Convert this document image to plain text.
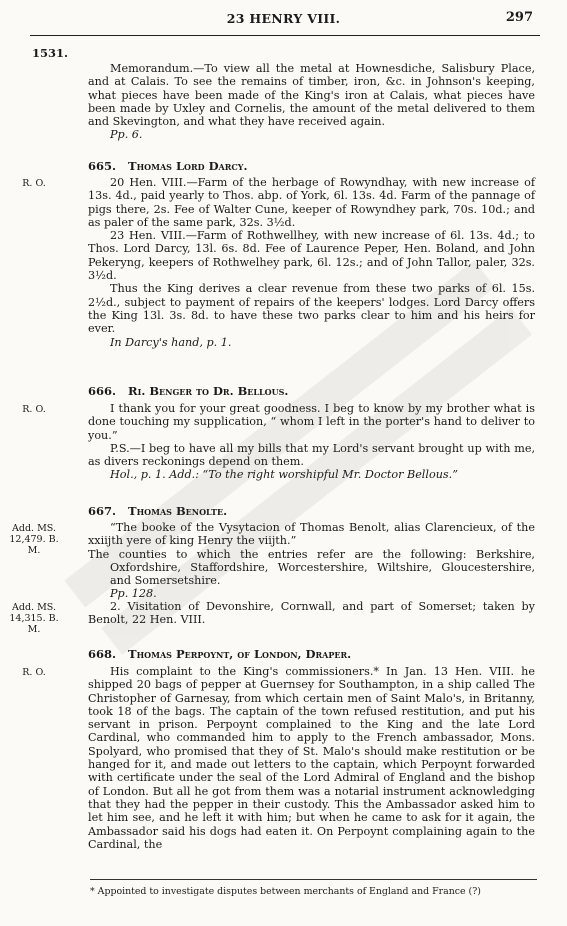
23 HENRY VIII.	297
1531.

Memorandum.—To view all the metal at Hownesdiche, Salisbury Place, and at Calais. To see the remains of timber, iron, &c. in Johnson's keeping, what pieces have been made of the King's iron at Calais, what pieces have been made by Uxley and Cornelis, the amount of the metal delivered to them and Skevington, and what they have received again.

Pp. 6.

665. Thomas Lord Darcy.
R. O.	20 Hen. VIII.—Farm of the herbage of Rowyndhay, with new increase of 13s. 4d., paid yearly to Thos. abp. of York, 6l. 13s. 4d. Farm of the pannage of pigs there, 2s. Fee of Walter Cune, keeper of Rowyndhey park, 70s. 10d.; and as paler of the same park, 32s. 3½d.

23 Hen. VIII.—Farm of Rothwellhey, with new increase of 6l. 13s. 4d.; to Thos. Lord Darcy, 13l. 6s. 8d. Fee of Laurence Peper, Hen. Boland, and John Pekeryng, keepers of Rothwelhey park, 6l. 12s.; and of John Tallor, paler, 32s. 3½d.

Thus the King derives a clear revenue from these two parks of 6l. 15s. 2½d., subject to payment of repairs of the keepers' lodges. Lord Darcy offers the King 13l. 3s. 8d. to have these two parks clear to him and his heirs for ever.

In Darcy's hand, p. 1.

666. Ri. Benger to Dr. Bellous.
R. O.	I thank you for your great goodness. I beg to know by my brother what is done touching my supplication, “ whom I left in the porter's hand to deliver to you.”

P.S.—I beg to have all my bills that my Lord's servant brought up with me, as divers reckonings depend on them.

Hol., p. 1. Add.: “To the right worshipful Mr. Doctor Bellous.”

667. Thomas Benolte.
Add. MS. 12,479. B. M.

“The booke of the Vysytacion of Thomas Benolt, alias Clarencieux, of the xxiijth yere of king Henry the viijth.”

The counties to which the entries refer are the following: Berkshire, Oxfordshire, Staffordshire, Worcestershire, Wiltshire, Gloucestershire, and Somersetshire.

Pp. 128.

Add. MS. 14,315. B. M.

2. Visitation of Devonshire, Cornwall, and part of Somerset; taken by Benolt, 22 Hen. VIII.

668. Thomas Perpoynt, of London, Draper.
R. O.	His complaint to the King's commissioners.* In Jan. 13 Hen. VIII. he shipped 20 bags of pepper at Guernsey for Southampton, in a ship called The Christopher of Garnesay, from which certain men of Saint Malo's, in Britanny, took 18 of the bags. The captain of the town refused restitution, and put his servant in prison. Perpoynt complained to the King and the late Lord Cardinal, who commanded him to apply to the French ambassador, Mons. Spolyard, who promised that they of St. Malo's should make restitution or be hanged for it, and made out letters to the captain, which Perpoynt forwarded with certificate under the seal of the Lord Admiral of England and the bishop of London. But all he got from them was a notarial instrument acknowledging that they had the pepper in their custody. This the Ambassador asked him to let him see, and he left it with him; but when he came to ask for it again, the Ambassador said his dogs had eaten it. On Perpoynt complaining again to the Cardinal, the

* Appointed to investigate disputes between merchants of England and France (?)
